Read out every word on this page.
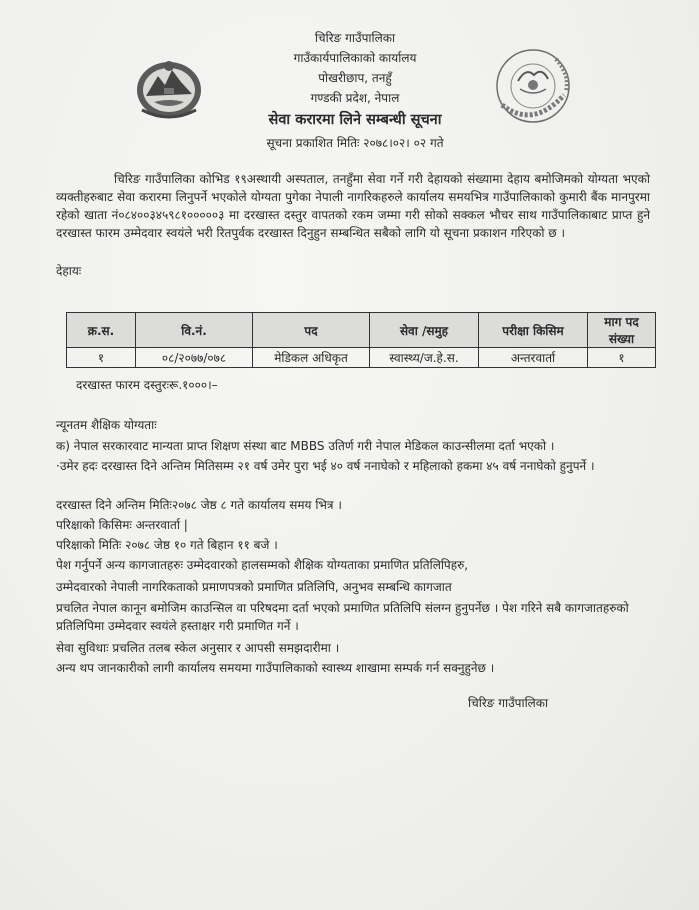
चिरिङ गाउँपालिका
गाउँकार्यपालिकाको कार्यालय
पोखरीछाप, तनहुँ
गण्डकी प्रदेश, नेपाल
सेवा करारमा लिने सम्बन्धी सूचना
सूचना प्रकाशित मितिः २०७८।०२। ०२ गते
चिरिङ गाउँपालिका कोभिड १९अस्थायी अस्पताल, तनहुँमा सेवा गर्ने गरी देहायको संख्यामा देहाय बमोजिमको योग्यता भएको व्यक्तीहरुबाट सेवा करारमा लिनुपर्ने भएकोले योग्यता पुगेका नेपाली नागरिकहरुले कार्यालय समयभित्र गाउँपालिकाको कुमारी बैंक मानपुरमा रहेको खाता नं०८४००३४५९८१०००००३ मा दरखास्त दस्तुर वापतको रकम जम्मा गरी सोको सक्कल भौचर साथ गाउँपालिकाबाट प्राप्त हुने दरखास्त फारम उम्मेदवार स्वयंले भरी रितपुर्वक दरखास्त दिनुहुन सम्बन्धित सबैको लागि यो सूचना प्रकाशन गरिएको छ ।
देहायः
क्र.स.	वि.नं.	पद	सेवा /समुह	परीक्षा किसिम	माग पद संख्या
१	०८/२०७७/०७८	मेडिकल अधिकृत	स्वास्थ्य/ज.हे.स.	अन्तरवार्ता	१
दरखास्त फारम दस्तुरःरू.१०००।–
न्यूनतम शैक्षिक योग्यताः
क) नेपाल सरकारवाट मान्यता प्राप्त शिक्षण संस्था बाट MBBS उतिर्ण गरी नेपाल मेडिकल काउन्सीलमा दर्ता भएको ।
·उमेर हदः दरखास्त दिने अन्तिम मितिसम्म २१ वर्ष उमेर पुरा भई ४० वर्ष ननाघेको र महिलाको हकमा ४५ वर्ष ननाघेको हुनुपर्ने ।
दरखास्त दिने अन्तिम मितिः२०७८ जेष्ठ ८ गते कार्यालय समय भित्र ।
परिक्षाको किसिमः अन्तरवार्ता |
परिक्षाको मितिः २०७८ जेष्ठ १० गते बिहान ११ बजे ।
पेश गर्नुपर्ने अन्य कागजातहरुः उम्मेदवारको हालसम्मको शैक्षिक योग्यताका प्रमाणित प्रतिलिपिहरु,
उम्मेदवारको नेपाली नागरिकताको प्रमाणपत्रको प्रमाणित प्रतिलिपि, अनुभव सम्बन्धि कागजात
प्रचलित नेपाल कानून बमोजिम काउन्सिल वा परिषदमा दर्ता भएको प्रमाणित प्रतिलिपि संलग्न हुनुपर्नेछ । पेश गरिने सबै कागजातहरुको प्रतिलिपिमा उम्मेदवार स्वयंले हस्ताक्षर गरी प्रमाणित गर्ने ।
सेवा सुविधाः प्रचलित तलब स्केल अनुसार र आपसी समझदारीमा ।
अन्य थप जानकारीको लागी कार्यालय समयमा गाउँपालिकाको स्वास्थ्य शाखामा सम्पर्क गर्न सक्नुहुनेछ ।
चिरिङ गाउँपालिका
